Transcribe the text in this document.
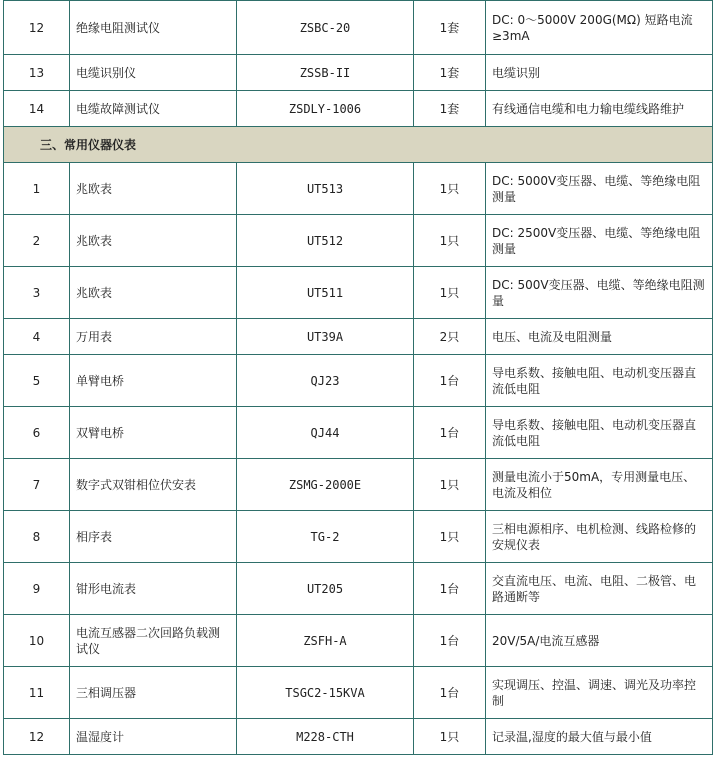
12	绝缘电阻测试仪	ZSBC-20	1套	DC: 0～5000V 200G(MΩ) 短路电流≥3mA
13	电缆识别仪	ZSSB-II	1套	电缆识别
14	电缆故障测试仪	ZSDLY-1006	1套	有线通信电缆和电力输电缆线路维护
三、常用仪器仪表				
1	兆欧表	UT513	1只	DC: 5000V变压器、电缆、等绝缘电阻测量
2	兆欧表	UT512	1只	DC: 2500V变压器、电缆、等绝缘电阻测量
3	兆欧表	UT511	1只	DC: 500V变压器、电缆、等绝缘电阻测量
4	万用表	UT39A	2只	电压、电流及电阻测量
5	单臂电桥	QJ23	1台	导电系数、接触电阻、电动机变压器直流低电阻
6	双臂电桥	QJ44	1台	导电系数、接触电阻、电动机变压器直流低电阻
7	数字式双钳相位伏安表	ZSMG-2000E	1只	测量电流小于50mA，专用测量电压、电流及相位
8	相序表	TG-2	1只	三相电源相序、电机检测、线路检修的安规仪表
9	钳形电流表	UT205	1台	交直流电压、电流、电阻、二极管、电路通断等
10	电流互感器二次回路负载测试仪	ZSFH-A	1台	20V/5A/电流互感器
11	三相调压器	TSGC2-15KVA	1台	实现调压、控温、调速、调光及功率控制
12	温湿度计	M228-CTH	1只	记录温,湿度的最大值与最小值
